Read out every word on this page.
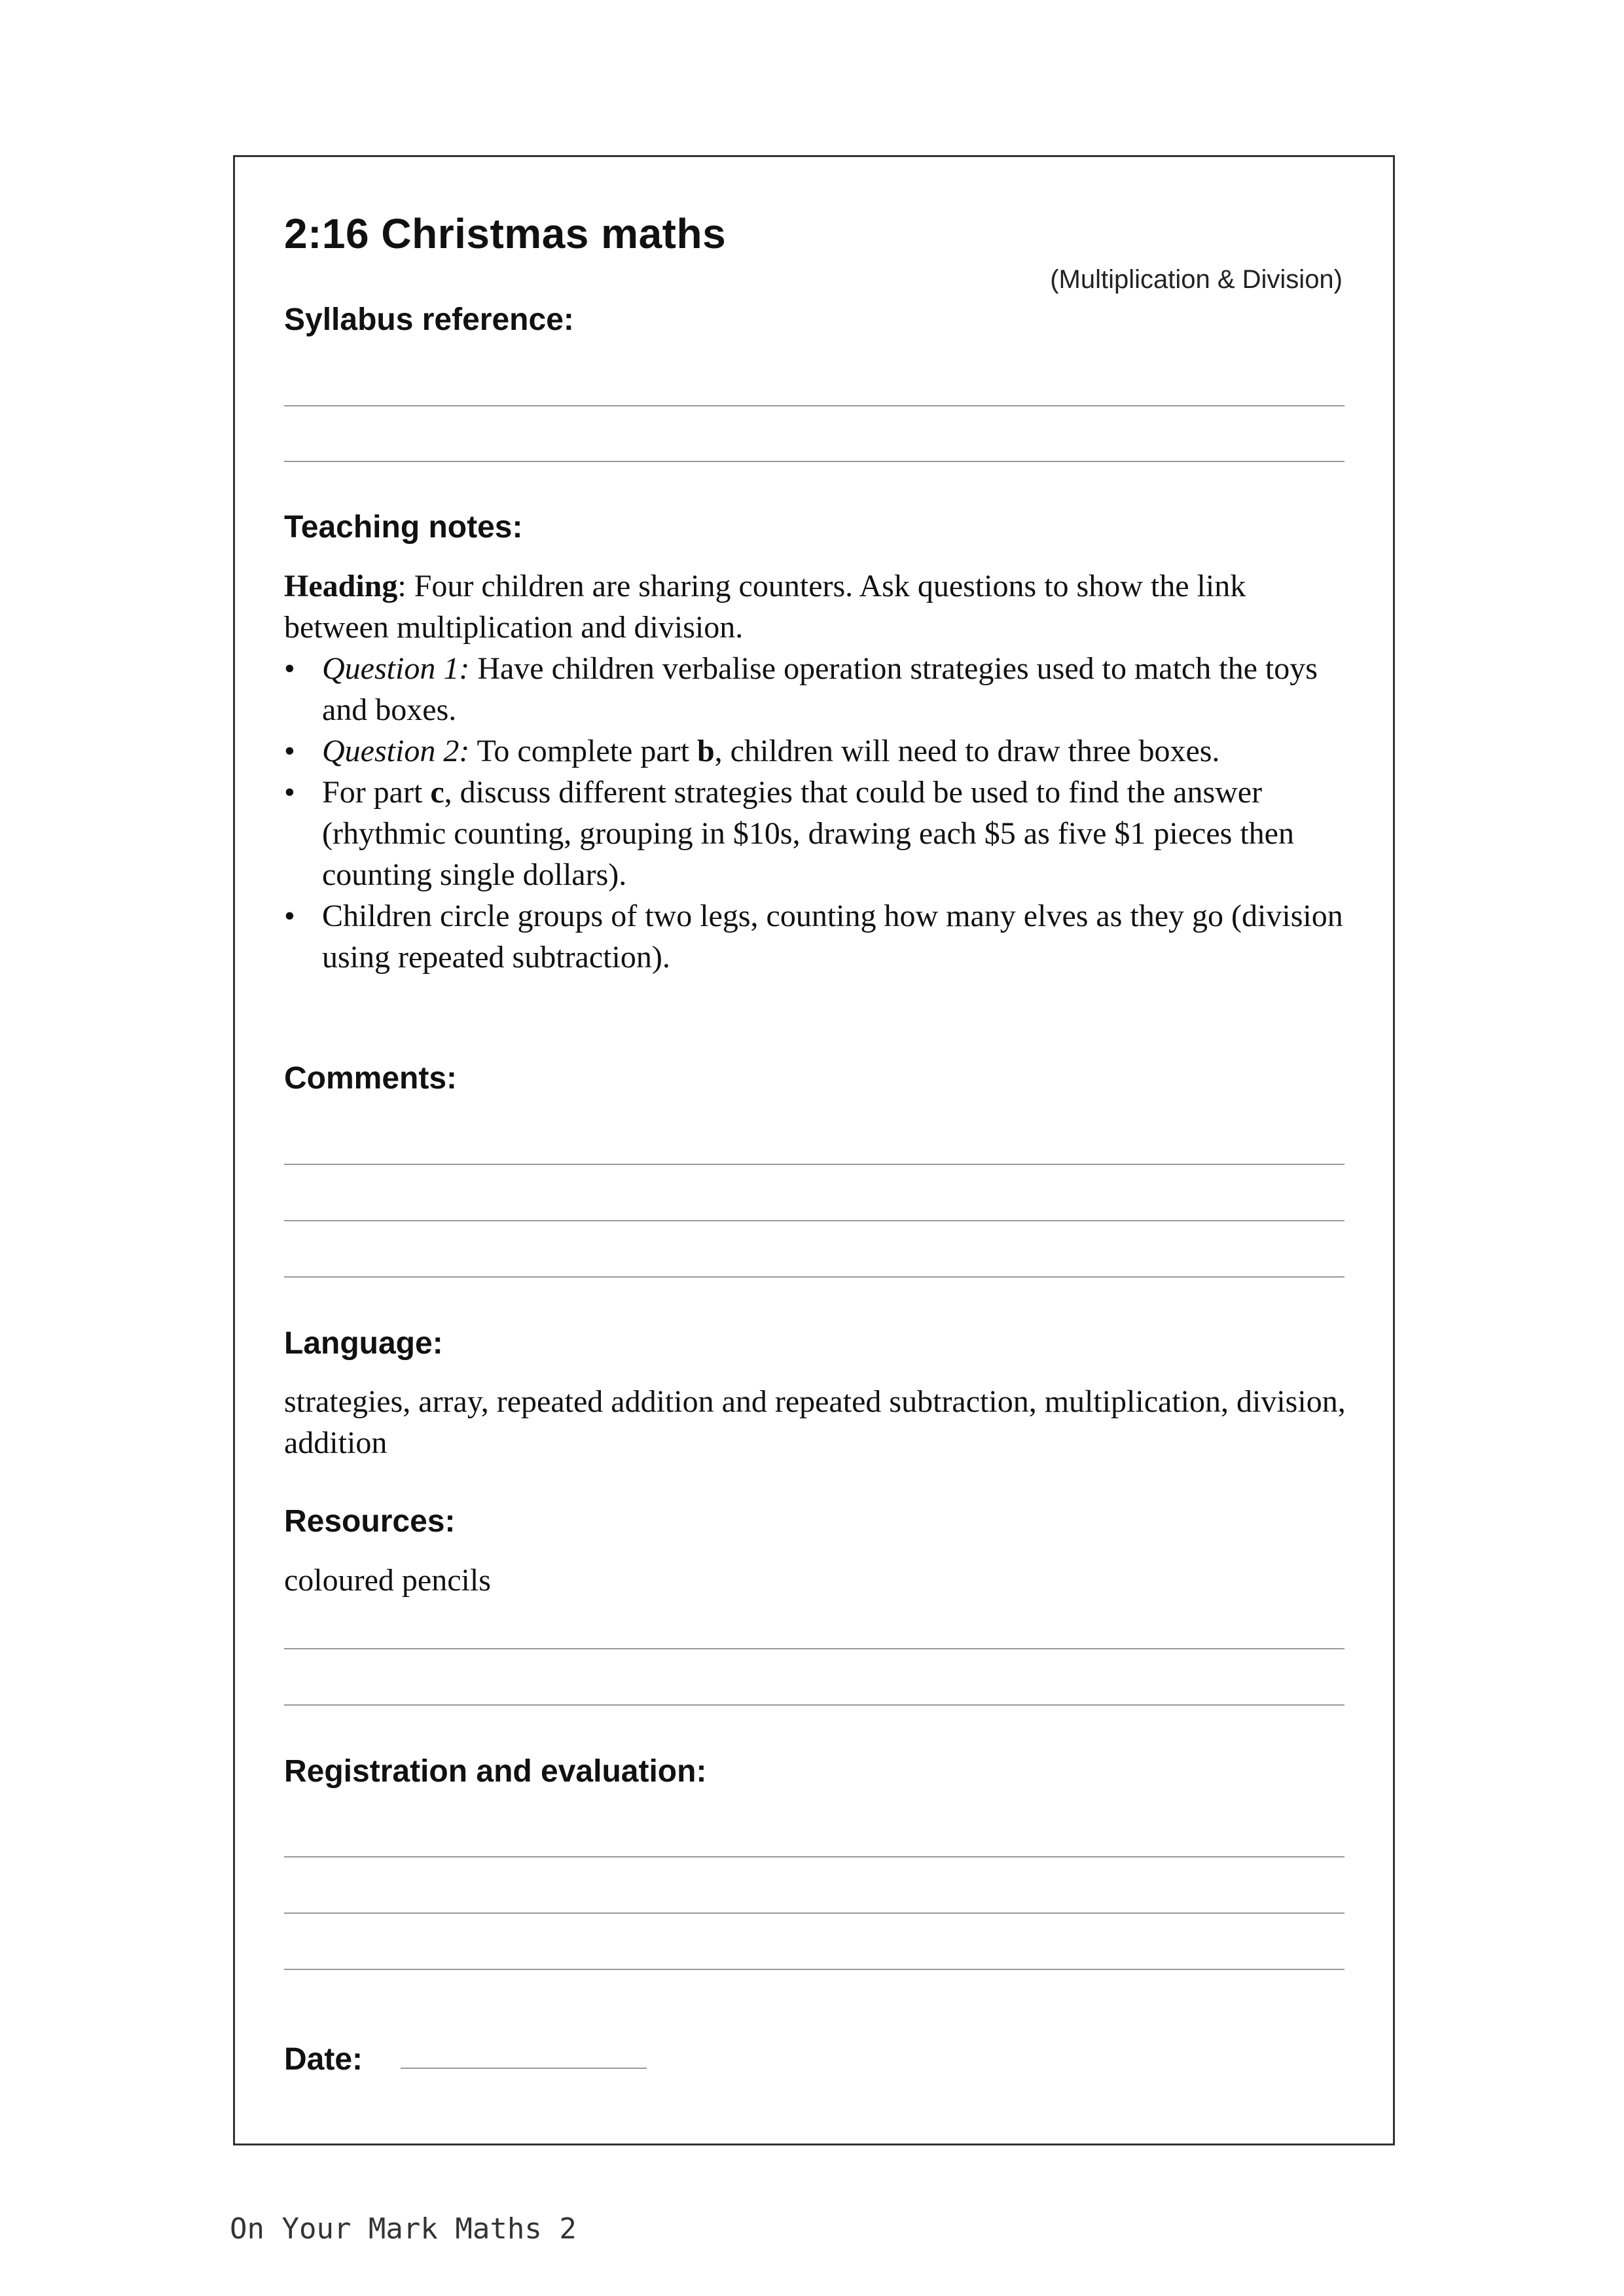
2:16 Christmas maths
(Multiplication & Division)
Syllabus reference:
Teaching notes:

Heading: Four children are sharing counters. Ask questions to show the link between multiplication and division.

• Question 1: Have children verbalise operation strategies used to match the toys and boxes.
• Question 2: To complete part b, children will need to draw three boxes.
• For part c, discuss different strategies that could be used to find the answer (rhythmic counting, grouping in $10s, drawing each $5 as five $1 pieces then counting single dollars).
• Children circle groups of two legs, counting how many elves as they go (division using repeated subtraction).
Comments:
Language:
strategies, array, repeated addition and repeated subtraction, multiplication, division, addition
Resources:
coloured pencils
Registration and evaluation:
Date:
On Your Mark Maths 2
